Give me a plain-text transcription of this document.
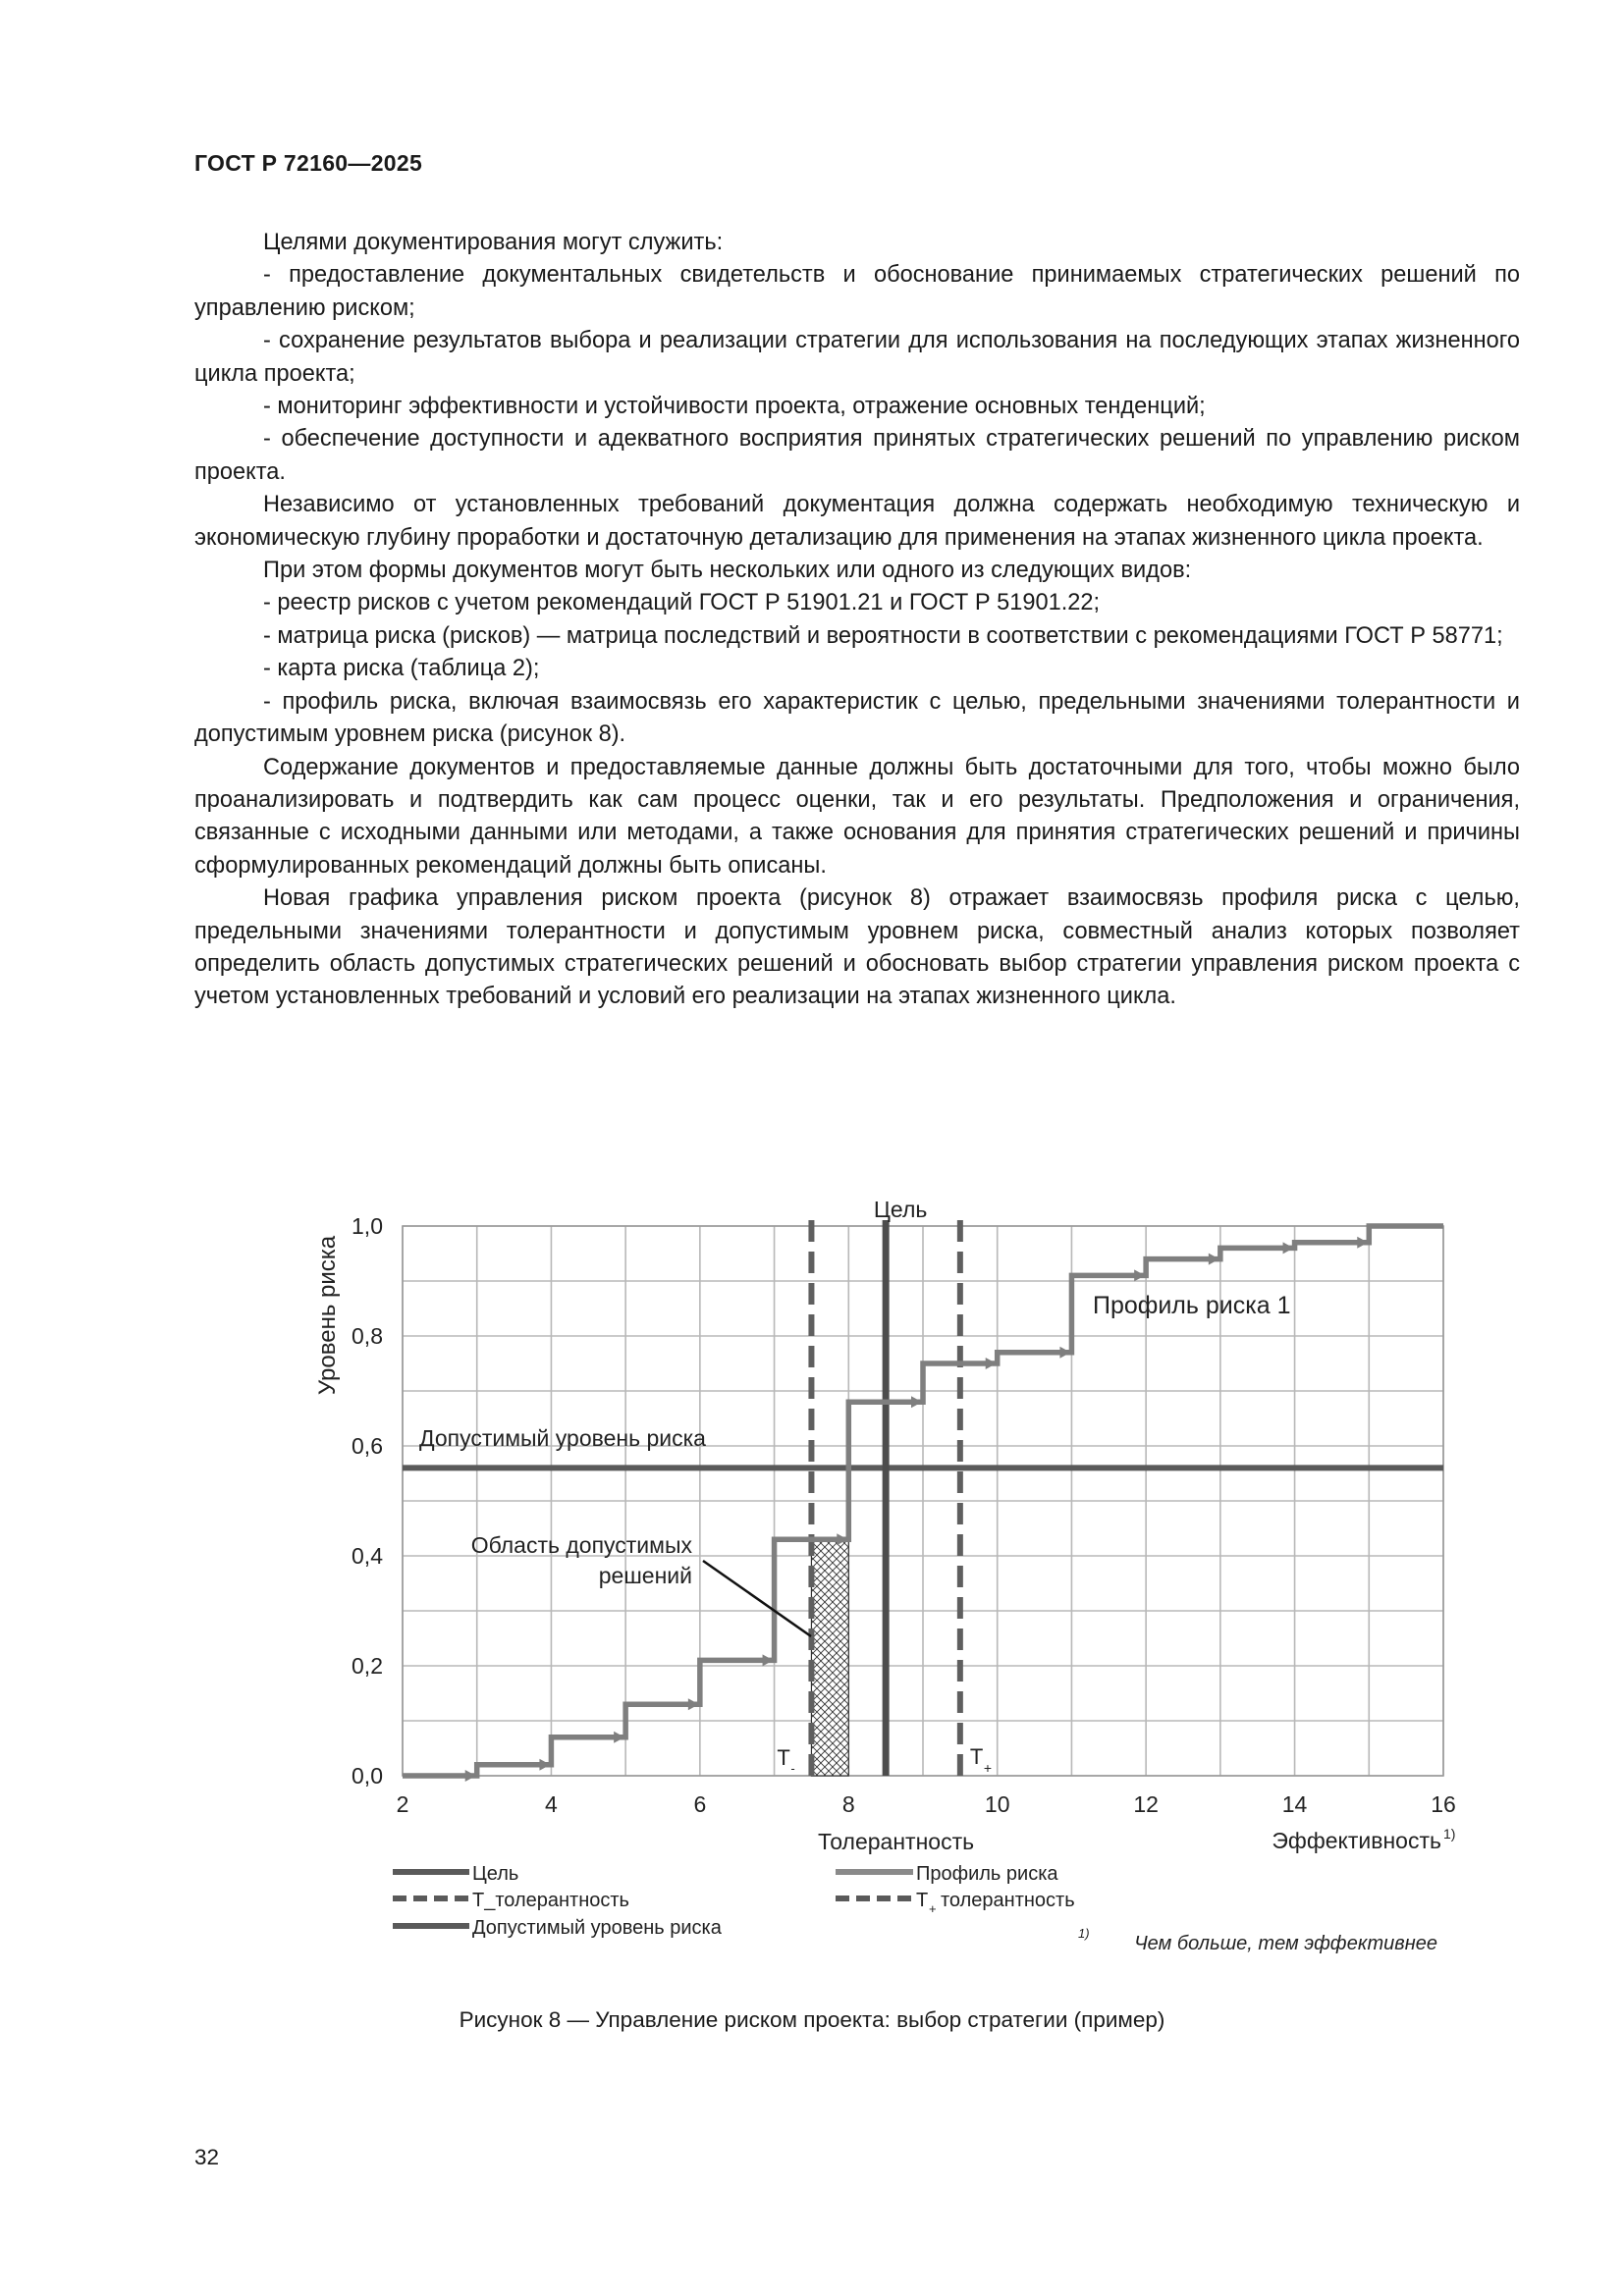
ГОСТ Р 72160—2025

Целями документирования могут служить:

- предоставление документальных свидетельств и обоснование принимаемых стратегических решений по управлению риском;

- сохранение результатов выбора и реализации стратегии для использования на последующих этапах жизненного цикла проекта;

- мониторинг эффективности и устойчивости проекта, отражение основных тенденций;

- обеспечение доступности и адекватного восприятия принятых стратегических решений по управлению риском проекта.

Независимо от установленных требований документация должна содержать необходимую техническую и экономическую глубину проработки и достаточную детализацию для применения на этапах жизненного цикла проекта.

При этом формы документов могут быть нескольких или одного из следующих видов:

- реестр рисков с учетом рекомендаций ГОСТ Р 51901.21 и ГОСТ Р 51901.22;

- матрица риска (рисков) — матрица последствий и вероятности в соответствии с рекомендациями ГОСТ Р 58771;

- карта риска (таблица 2);

- профиль риска, включая взаимосвязь его характеристик с целью, предельными значениями толерантности и допустимым уровнем риска (рисунок 8).

Содержание документов и предоставляемые данные должны быть достаточными для того, чтобы можно было проанализировать и подтвердить как сам процесс оценки, так и его результаты. Предположения и ограничения, связанные с исходными данными или методами, а также основания для принятия стратегических решений и причины сформулированных рекомендаций должны быть описаны.

Новая графика управления риском проекта (рисунок 8) отражает взаимосвязь профиля риска с целью, предельными значениями толерантности и допустимым уровнем риска, совместный анализ которых позволяет определить область допустимых стратегических решений и обосновать выбор стратегии управления риском проекта с учетом установленных требований и условий его реализации на этапах жизненного цикла.

Профиль риска 1
2	4	6	8	10	12	14	16
0,0
0,2
0,4
0,6
0,8
1,0
Уровень риска
Эффективность 1)
Цель
Допустимый уровень риска
Область допустимых
решений
T -	T +
Толерантность
Цель
T_толерантность
Допустимый уровень риска
Профиль риска
T + толерантность
1) Чем больше, тем эффективнее
Рисунок 8 — Управление риском проекта: выбор стратегии (пример)
32
